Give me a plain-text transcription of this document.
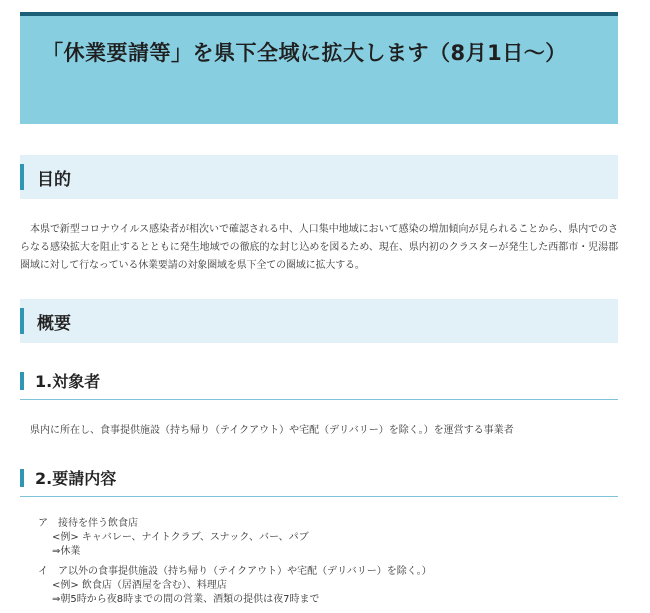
「休業要請等」を県下全域に拡大します（8月1日～）
目的

本県で新型コロナウイルス感染者が相次いで確認される中、人口集中地域において感染の増加傾向が見られることから、県内でのさらなる感染拡大を阻止するとともに発生地域での徹底的な封じ込めを図るため、現在、県内初のクラスターが発生した西都市・児湯郡圏域に対して行なっている休業要請の対象圏域を県下全ての圏域に拡大する。

概要
1.対象者

県内に所在し、食事提供施設（持ち帰り（テイクアウト）や宅配（デリバリー）を除く。）を運営する事業者

2.要請内容

ア　接待を伴う飲食店

<例> キャバレー、ナイトクラブ、スナック、バー、パブ

⇒休業

イ　ア以外の食事提供施設（持ち帰り（テイクアウト）や宅配（デリバリー）を除く。）

<例> 飲食店（居酒屋を含む）、料理店

⇒朝5時から夜8時までの間の営業、酒類の提供は夜7時まで
